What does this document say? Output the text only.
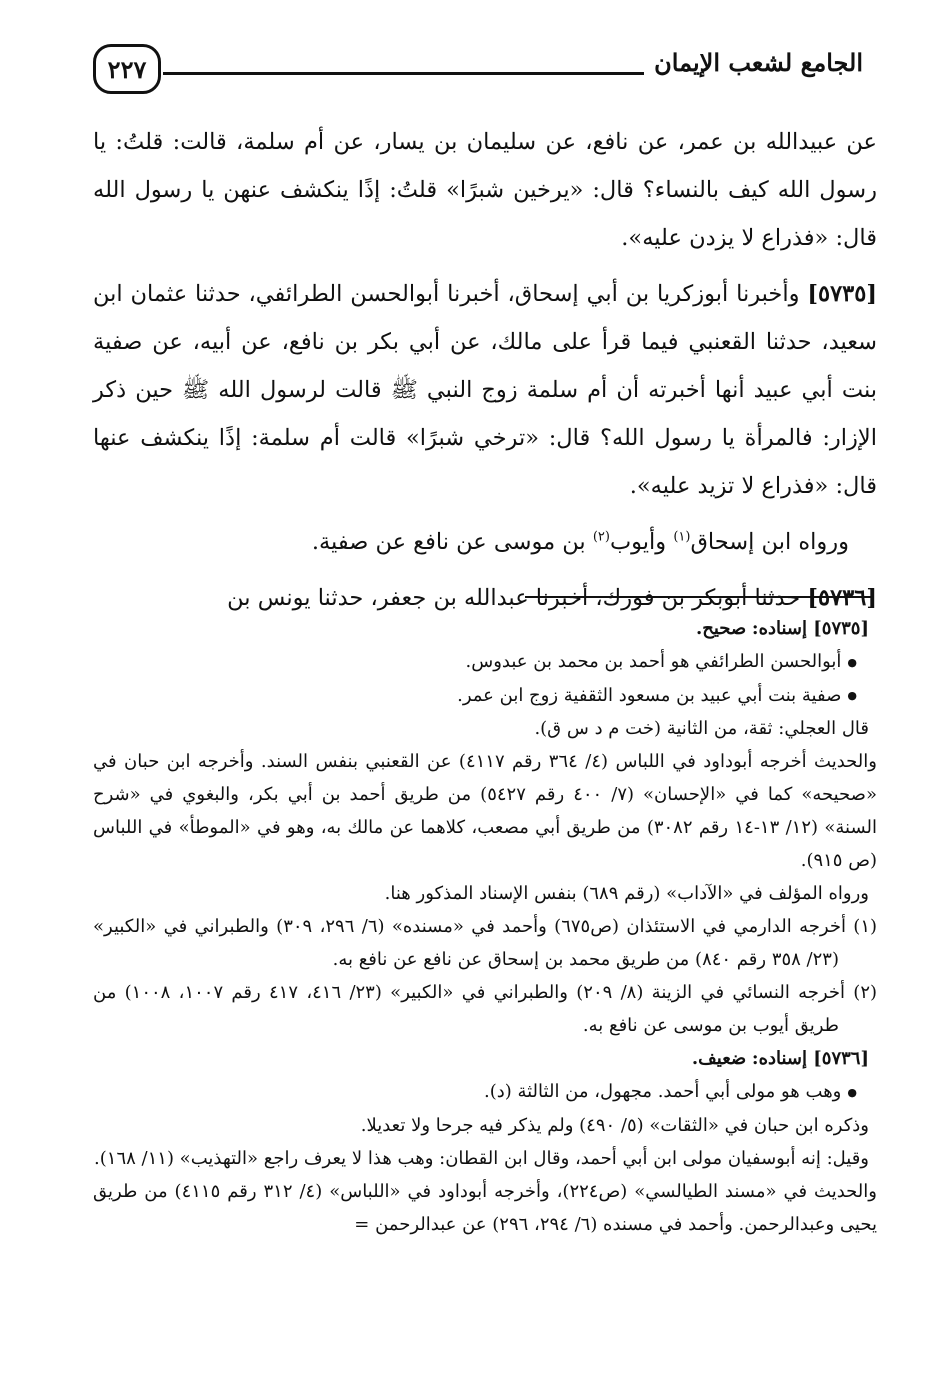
الجامع لشعب الإيمان
٢٢٧

عن عبيدالله بن عمر، عن نافع، عن سليمان بن يسار، عن أم سلمة، قالت: قلتُ: يا رسول الله كيف بالنساء؟ قال: «يرخين شبرًا» قلتُ: إذًا ينكشف عنهن يا رسول الله قال: «فذراع لا يزدن عليه».

[٥٧٣٥] وأخبرنا أبوزكريا بن أبي إسحاق، أخبرنا أبوالحسن الطرائفي، حدثنا عثمان ابن سعيد، حدثنا القعنبي فيما قرأ على مالك، عن أبي بكر بن نافع، عن أبيه، عن صفية بنت أبي عبيد أنها أخبرته أن أم سلمة زوج النبي ﷺ قالت لرسول الله ﷺ حين ذكر الإزار: فالمرأة يا رسول الله؟ قال: «ترخي شبرًا» قالت أم سلمة: إذًا ينكشف عنها قال: «فذراع لا تزيد عليه».

ورواه ابن إسحاق$^{(١)}$ وأيوب$^{(٢)}$ بن موسى عن نافع عن صفية.

[٥٧٣٦] حدثنا أبوبكر بن فورك، أخبرنا عبدالله بن جعفر، حدثنا يونس بن

[٥٧٣٥] إسناده: صحيح.

● أبوالحسن الطرائفي هو أحمد بن محمد بن عبدوس.

● صفية بنت أبي عبيد بن مسعود الثقفية زوج ابن عمر.

قال العجلي: ثقة، من الثانية (خت م د س ق).

والحديث أخرجه أبوداود في اللباس (٤/ ٣٦٤ رقم ٤١١٧) عن القعنبي بنفس السند. وأخرجه ابن حبان في «صحيحه» كما في «الإحسان» (٧/ ٤٠٠ رقم ٥٤٢٧) من طريق أحمد بن أبي بكر، والبغوي في «شرح السنة» (١٢/ ١٣-١٤ رقم ٣٠٨٢) من طريق أبي مصعب، كلاهما عن مالك به، وهو في «الموطأ» في اللباس (ص ٩١٥).

ورواه المؤلف في «الآداب» (رقم ٦٨٩) بنفس الإسناد المذكور هنا.

(١) أخرجه الدارمي في الاستئذان (ص٦٧٥) وأحمد في «مسنده» (٦/ ٢٩٦، ٣٠٩) والطبراني في «الكبير» (٢٣/ ٣٥٨ رقم ٨٤٠) من طريق محمد بن إسحاق عن نافع عن نافع به.

(٢) أخرجه النسائي في الزينة (٨/ ٢٠٩) والطبراني في «الكبير» (٢٣/ ٤١٦، ٤١٧ رقم ١٠٠٧، ١٠٠٨) من طريق أيوب بن موسى عن نافع به.

[٥٧٣٦] إسناده: ضعيف.

● وهب هو مولى أبي أحمد. مجهول، من الثالثة (د).

وذكره ابن حبان في «الثقات» (٥/ ٤٩٠) ولم يذكر فيه جرحا ولا تعديلا.

وقيل: إنه أبوسفيان مولى ابن أبي أحمد، وقال ابن القطان: وهب هذا لا يعرف راجع «التهذيب» (١١/ ١٦٨).

والحديث في «مسند الطيالسي» (ص٢٢٤)، وأخرجه أبوداود في «اللباس» (٤/ ٣١٢ رقم ٤١١٥) من طريق يحيى وعبدالرحمن. وأحمد في مسنده (٦/ ٢٩٤، ٢٩٦) عن عبدالرحمن =
